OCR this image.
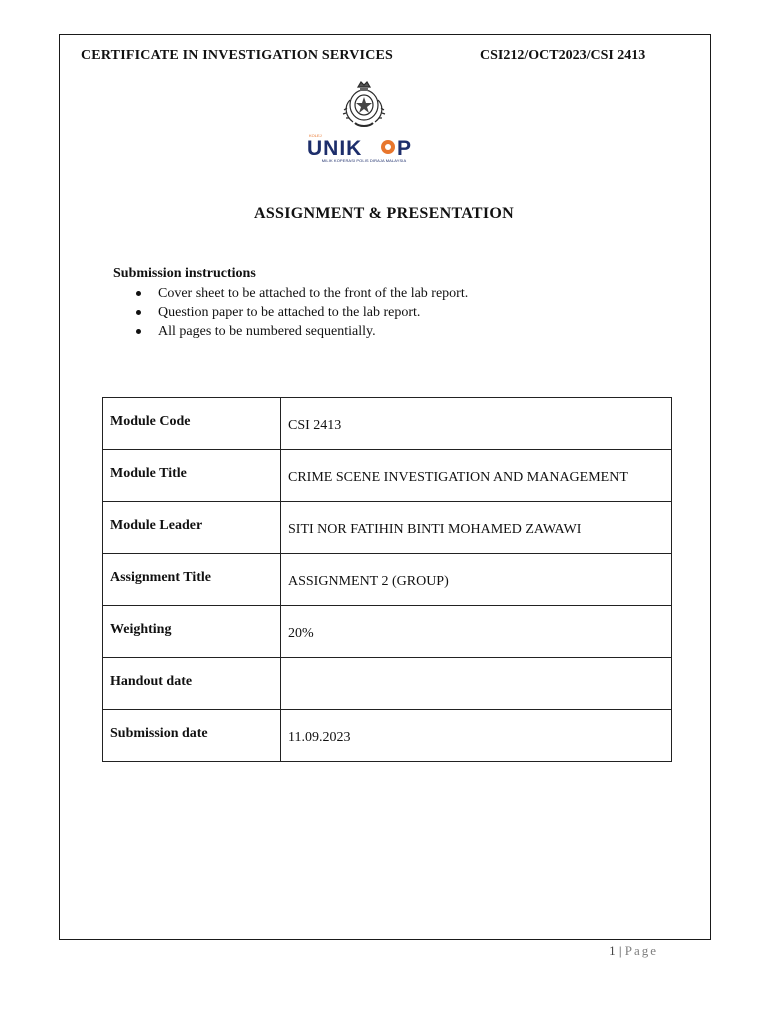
CERTIFICATE IN INVESTIGATION SERVICES	CSI212/OCT2023/CSI 2413
KOLEJ
UNIK P
MILIK KOPERASI POLIS DIRAJA MALAYSIA
ASSIGNMENT & PRESENTATION
Submission instructions
Cover sheet to be attached to the front of the lab report.
Question paper to be attached to the lab report.
All pages to be numbered sequentially.
Module Code	CSI 2413
Module Title	CRIME SCENE INVESTIGATION AND MANAGEMENT
Module Leader	SITI NOR FATIHIN BINTI MOHAMED ZAWAWI
Assignment Title	ASSIGNMENT 2 (GROUP)
Weighting	20%
Handout date	
Submission date	11.09.2023
1 | Page
